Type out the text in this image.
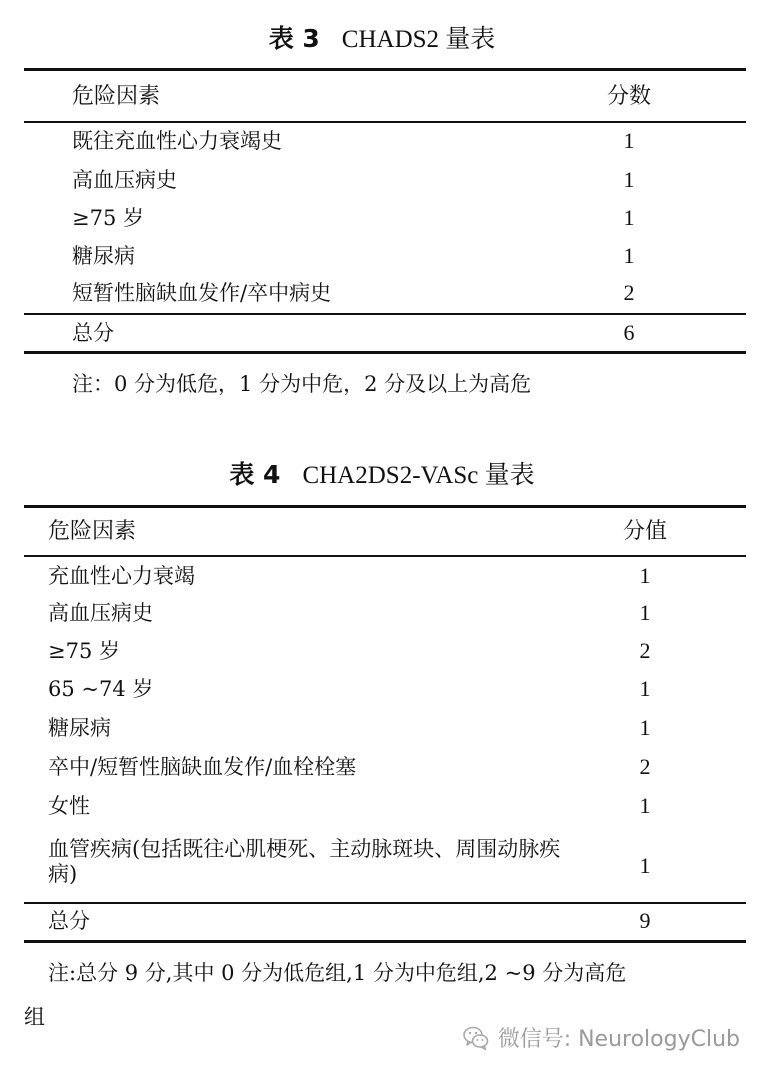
表 3 CHADS2 量表
危险因素	分数
既往充血性心力衰竭史	1
高血压病史	1
≥75 岁	1
糖尿病	1
短暂性脑缺血发作/卒中病史	2
总分	6
注：0 分为低危，1 分为中危，2 分及以上为高危
表 4 CHA2DS2-VASc 量表
危险因素	分值
充血性心力衰竭	1
高血压病史	1
≥75 岁	2
65 ~74 岁	1
糖尿病	1
卒中/短暂性脑缺血发作/血栓栓塞	2
女性	1
血管疾病(包括既往心肌梗死、主动脉斑块、周围动脉疾病)	1
总分	9
注:总分 9 分,其中 0 分为低危组,1 分为中危组,2 ~9 分为高危
组
微信号: NeurologyClub
